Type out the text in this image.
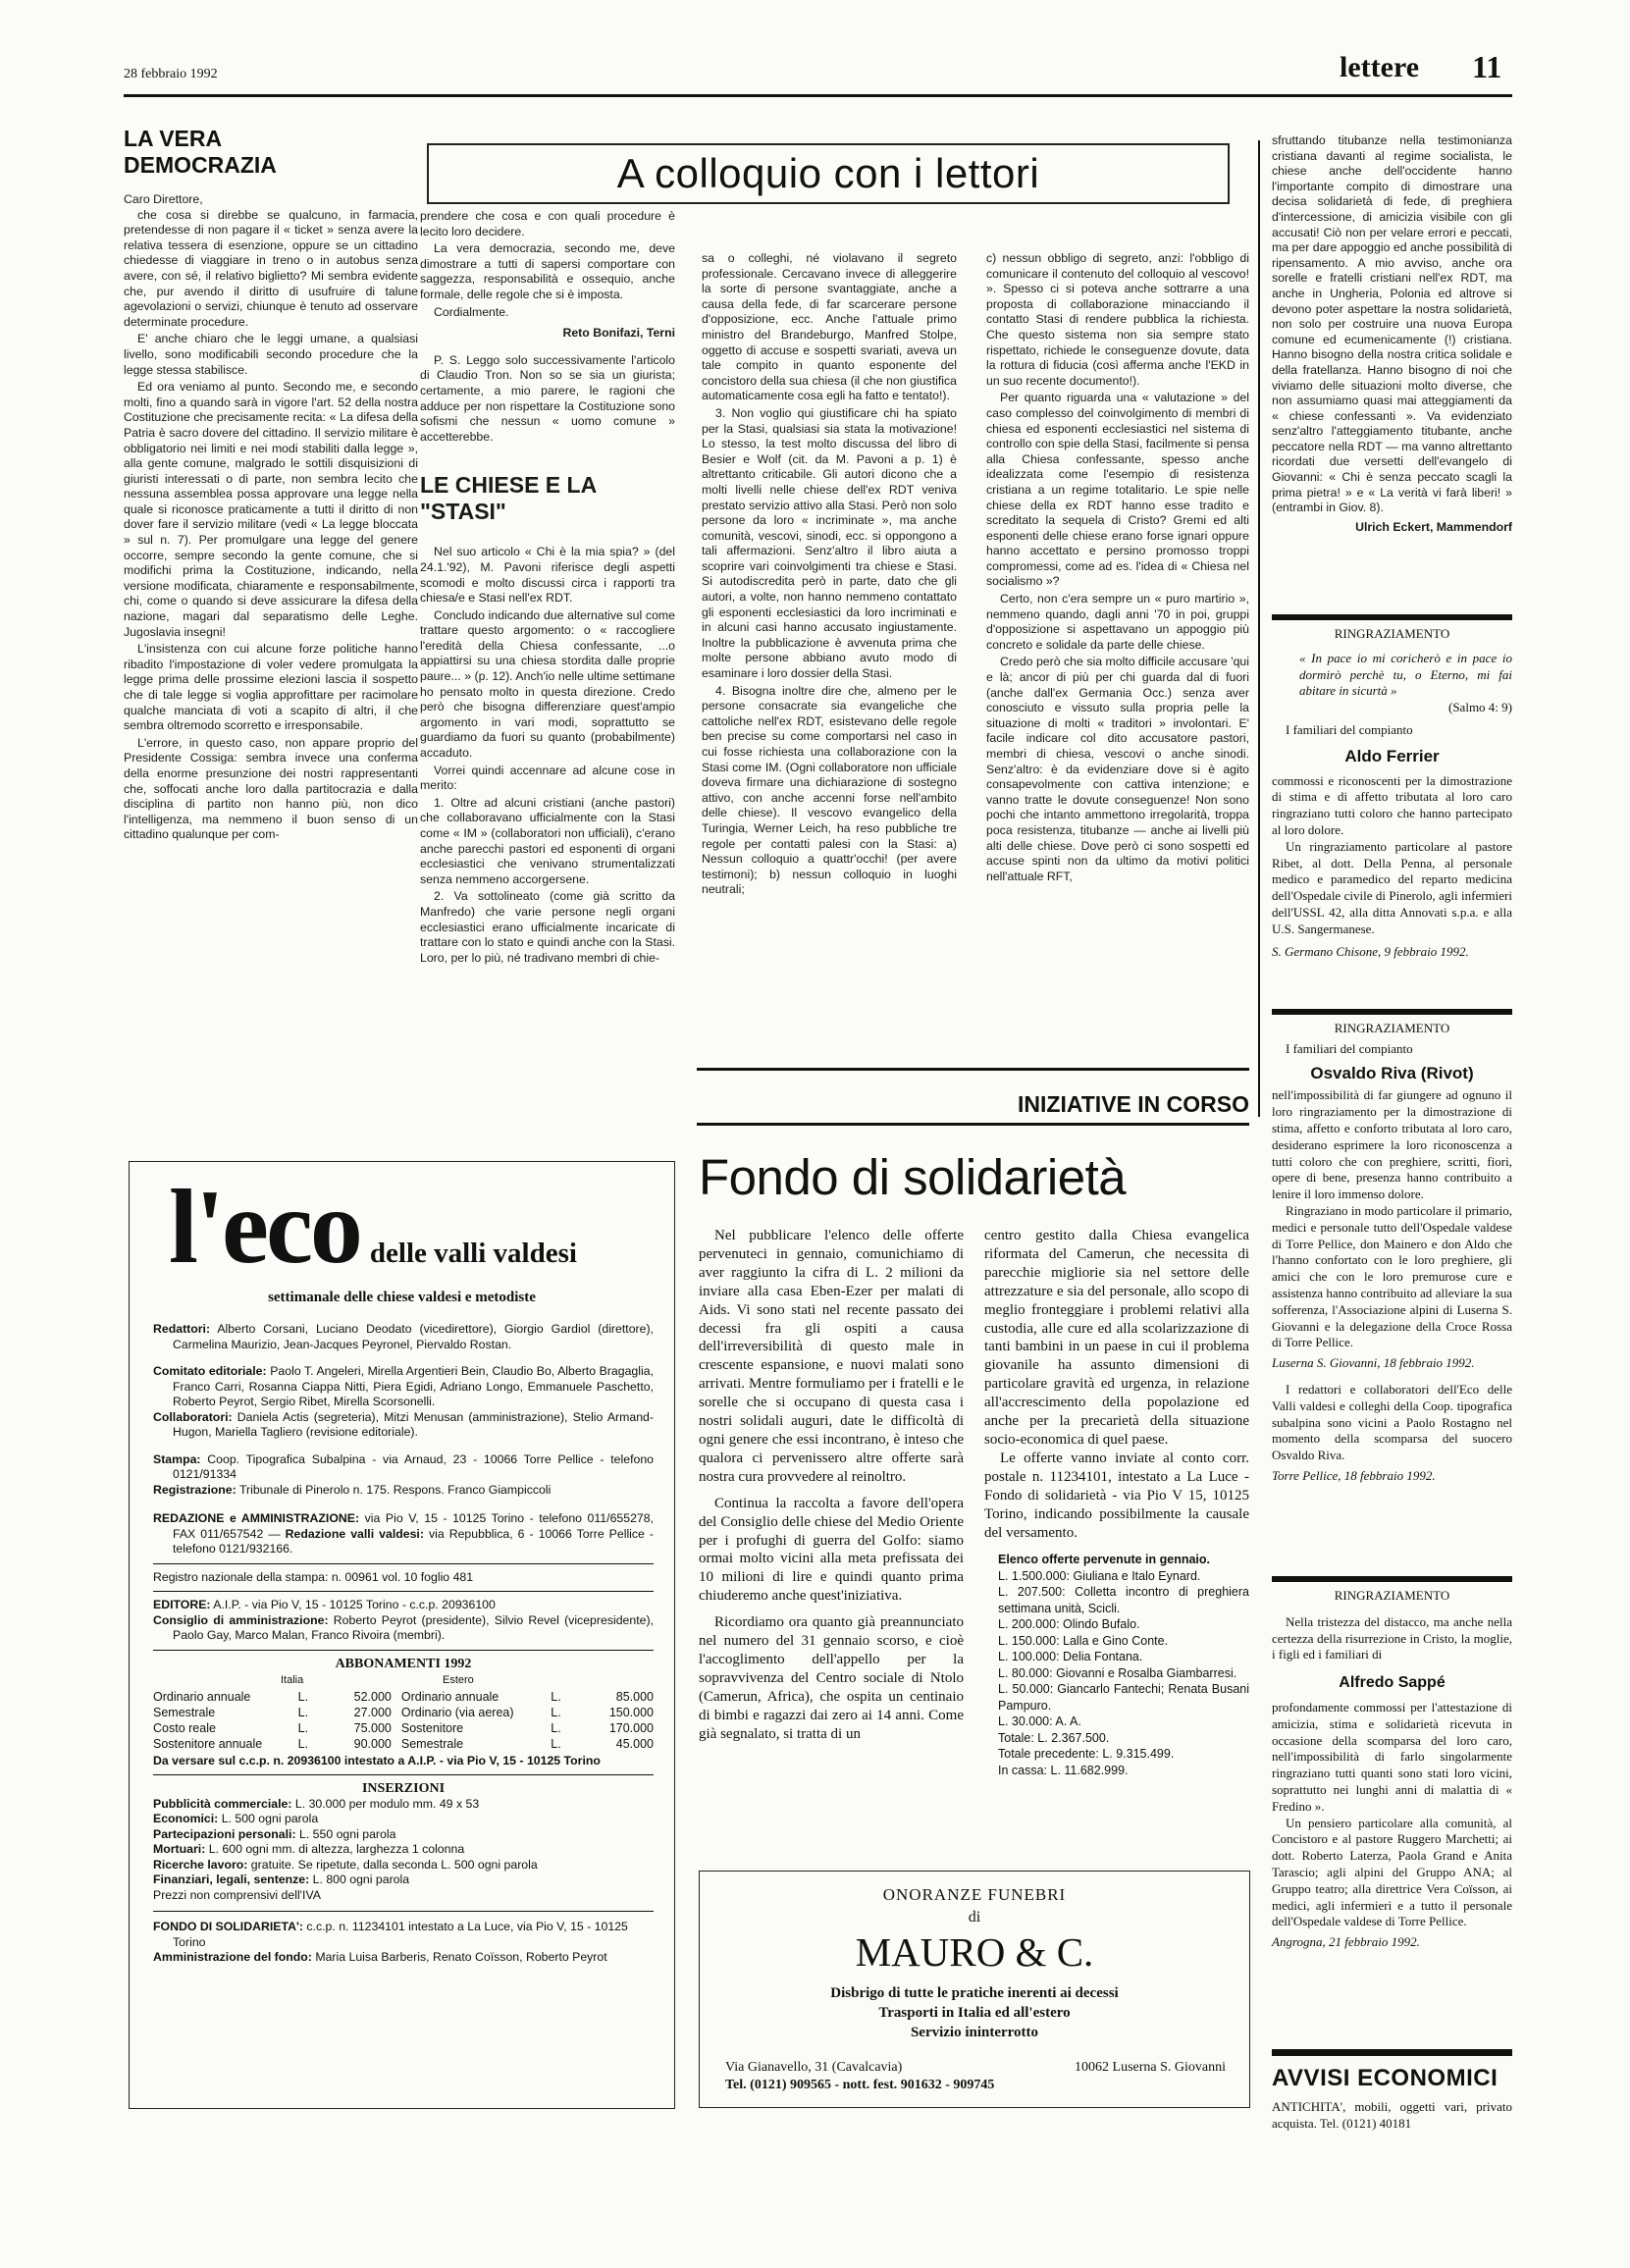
28 febbraio 1992	lettere 11
LA VERA DEMOCRAZIA
Caro Direttore,

che cosa si direbbe se qualcuno, in farmacia, pretendesse di non pagare il « ticket » senza avere la relativa tessera di esenzione, oppure se un cittadino chiedesse di viaggiare in treno o in autobus senza avere, con sé, il relativo biglietto? Mi sembra evidente che, pur avendo il diritto di usufruire di talune agevolazioni o servizi, chiunque è tenuto ad osservare determinate procedure.

E' anche chiaro che le leggi umane, a qualsiasi livello, sono modificabili secondo procedure che la legge stessa stabilisce.

Ed ora veniamo al punto. Secondo me, e secondo molti, fino a quando sarà in vigore l'art. 52 della nostra Costituzione che precisamente recita: « La difesa della Patria è sacro dovere del cittadino. Il servizio militare è obbligatorio nei limiti e nei modi stabiliti dalla legge », alla gente comune, malgrado le sottili disquisizioni di giuristi interessati o di parte, non sembra lecito che nessuna assemblea possa approvare una legge nella quale si riconosce praticamente a tutti il diritto di non dover fare il servizio militare (vedi « La legge bloccata » sul n. 7). Per promulgare una legge del genere occorre, sempre secondo la gente comune, che si modifichi prima la Costituzione, indicando, nella versione modificata, chiaramente e responsabilmente, chi, come o quando si deve assicurare la difesa della nazione, magari dal separatismo delle Leghe. Jugoslavia insegni!

L'insistenza con cui alcune forze politiche hanno ribadito l'impostazione di voler vedere promulgata la legge prima delle prossime elezioni lascia il sospetto che di tale legge si voglia approfittare per racimolare qualche manciata di voti a scapito di altri, il che sembra oltremodo scorretto e irresponsabile.

L'errore, in questo caso, non appare proprio del Presidente Cossiga: sembra invece una conferma della enorme presunzione dei nostri rappresentanti che, soffocati anche loro dalla partitocrazia e dalla disciplina di partito non hanno più, non dico l'intelligenza, ma nemmeno il buon senso di un cittadino qualunque per com-

A colloquio con i lettori

prendere che cosa e con quali procedure è lecito loro decidere.

La vera democrazia, secondo me, deve dimostrare a tutti di sapersi comportare con saggezza, responsabilità e ossequio, anche formale, delle regole che si è imposta.

Cordialmente.

Reto Bonifazi, Terni

P. S. Leggo solo successivamente l'articolo di Claudio Tron. Non so se sia un giurista; certamente, a mio parere, le ragioni che adduce per non rispettare la Costituzione sono sofismi che nessun « uomo comune » accetterebbe.

LE CHIESE E LA "STASI"

Nel suo articolo « Chi è la mia spia? » (del 24.1.'92), M. Pavoni riferisce degli aspetti scomodi e molto discussi circa i rapporti tra chiesa/e e Stasi nell'ex RDT.

Concludo indicando due alternative sul come trattare questo argomento: o « raccogliere l'eredità della Chiesa confessante, ...o appiattirsi su una chiesa stordita dalle proprie paure... » (p. 12). Anch'io nelle ultime settimane ho pensato molto in questa direzione. Credo però che bisogna differenziare quest'ampio argomento in vari modi, soprattutto se guardiamo da fuori su quanto (probabilmente) accaduto.

Vorrei quindi accennare ad alcune cose in merito:

1. Oltre ad alcuni cristiani (anche pastori) che collaboravano ufficialmente con la Stasi come « IM » (collaboratori non ufficiali), c'erano anche parecchi pastori ed esponenti di organi ecclesiastici che venivano strumentalizzati senza nemmeno accorgersene.

2. Va sottolineato (come già scritto da Manfredo) che varie persone negli organi ecclesiastici erano ufficialmente incaricate di trattare con lo stato e quindi anche con la Stasi. Loro, per lo più, né tradivano membri di chie-

sa o colleghi, né violavano il segreto professionale. Cercavano invece di alleggerire la sorte di persone svantaggiate, anche a causa della fede, di far scarcerare persone d'opposizione, ecc. Anche l'attuale primo ministro del Brandeburgo, Manfred Stolpe, oggetto di accuse e sospetti svariati, aveva un tale compito in quanto esponente del concistoro della sua chiesa (il che non giustifica automaticamente cosa egli ha fatto e tentato!).

3. Non voglio qui giustificare chi ha spiato per la Stasi, qualsiasi sia stata la motivazione! Lo stesso, la test molto discussa del libro di Besier e Wolf (cit. da M. Pavoni a p. 1) è altrettanto criticabile. Gli autori dicono che a molti livelli nelle chiese dell'ex RDT veniva prestato servizio attivo alla Stasi. Però non solo persone da loro « incriminate », ma anche comunità, vescovi, sinodi, ecc. si oppongono a tali affermazioni. Senz'altro il libro aiuta a scoprire vari coinvolgimenti tra chiese e Stasi. Si autodiscredita però in parte, dato che gli autori, a volte, non hanno nemmeno contattato gli esponenti ecclesiastici da loro incriminati e in alcuni casi hanno accusato ingiustamente. Inoltre la pubblicazione è avvenuta prima che molte persone abbiano avuto modo di esaminare i loro dossier della Stasi.

4. Bisogna inoltre dire che, almeno per le persone consacrate sia evangeliche che cattoliche nell'ex RDT, esistevano delle regole ben precise su come comportarsi nel caso in cui fosse richiesta una collaborazione con la Stasi come IM. (Ogni collaboratore non ufficiale doveva firmare una dichiarazione di sostegno attivo, con anche accenni forse nell'ambito delle chiese). Il vescovo evangelico della Turingia, Werner Leich, ha reso pubbliche tre regole per contatti palesi con la Stasi: a) Nessun colloquio a quattr'occhi! (per avere testimoni); b) nessun colloquio in luoghi neutrali;

c) nessun obbligo di segreto, anzi: l'obbligo di comunicare il contenuto del colloquio al vescovo! ». Spesso ci si poteva anche sottrarre a una proposta di collaborazione minacciando il contatto Stasi di rendere pubblica la richiesta. Che questo sistema non sia sempre stato rispettato, richiede le conseguenze dovute, data la rottura di fiducia (così afferma anche l'EKD in un suo recente documento!).

Per quanto riguarda una « valutazione » del caso complesso del coinvolgimento di membri di chiesa ed esponenti ecclesiastici nel sistema di controllo con spie della Stasi, facilmente si pensa alla Chiesa confessante, spesso anche idealizzata come l'esempio di resistenza cristiana a un regime totalitario. Le spie nelle chiese della ex RDT hanno esse tradito e screditato la sequela di Cristo? Gremi ed alti esponenti delle chiese erano forse ignari oppure hanno accettato e persino promosso troppi compromessi, come ad es. l'idea di « Chiesa nel socialismo »?

Certo, non c'era sempre un « puro martirio », nemmeno quando, dagli anni '70 in poi, gruppi d'opposizione si aspettavano un appoggio più concreto e solidale da parte delle chiese.

Credo però che sia molto difficile accusare 'qui e là; ancor di più per chi guarda dal di fuori (anche dall'ex Germania Occ.) senza aver conosciuto e vissuto sulla propria pelle la situazione di molti « traditori » involontari. E' facile indicare col dito accusatore pastori, membri di chiesa, vescovi o anche sinodi. Senz'altro: è da evidenziare dove si è agito consapevolmente con cattiva intenzione; e vanno tratte le dovute conseguenze! Non sono pochi che intanto ammettono irregolarità, troppa poca resistenza, titubanze — anche ai livelli più alti delle chiese. Dove però ci sono sospetti ed accuse spinti non da ultimo da motivi politici nell'attuale RFT,

sfruttando titubanze nella testimonianza cristiana davanti al regime socialista, le chiese anche dell'occidente hanno l'importante compito di dimostrare una decisa solidarietà di fede, di preghiera d'intercessione, di amicizia visibile con gli accusati! Ciò non per velare errori e peccati, ma per dare appoggio ed anche possibilità di ripensamento. A mio avviso, anche ora sorelle e fratelli cristiani nell'ex RDT, ma anche in Ungheria, Polonia ed altrove si devono poter aspettare la nostra solidarietà, non solo per costruire una nuova Europa comune ed ecumenicamente (!) cristiana. Hanno bisogno della nostra critica solidale e della fratellanza. Hanno bisogno di noi che viviamo delle situazioni molto diverse, che non assumiamo quasi mai atteggiamenti da « chiese confessanti ». Va evidenziato senz'altro l'atteggiamento titubante, anche peccatore nella RDT — ma vanno altrettanto ricordati due versetti dell'evangelo di Giovanni: « Chi è senza peccato scagli la prima pietra! » e « La verità vi farà liberi! » (entrambi in Giov. 8).

Ulrich Eckert, Mammendorf
RINGRAZIAMENTO
« In pace io mi coricherò e in pace io dormirò perchè tu, o Eterno, mi fai abitare in sicurtà »
(Salmo 4: 9)
I familiari del compianto
Aldo Ferrier
commossi e riconoscenti per la dimostrazione di stima e di affetto tributata al loro caro ringraziano tutti coloro che hanno partecipato al loro dolore.
Un ringraziamento particolare al pastore Ribet, al dott. Della Penna, al personale medico e paramedico del reparto medicina dell'Ospedale civile di Pinerolo, agli infermieri dell'USSL 42, alla ditta Annovati s.p.a. e alla U.S. Sangermanese.
S. Germano Chisone, 9 febbraio 1992.
RINGRAZIAMENTO
I familiari del compianto
Osvaldo Riva (Rivot)
nell'impossibilità di far giungere ad ognuno il loro ringraziamento per la dimostrazione di stima, affetto e conforto tributata al loro caro, desiderano esprimere la loro riconoscenza a tutti coloro che con preghiere, scritti, fiori, opere di bene, presenza hanno contribuito a lenire il loro immenso dolore.
Ringraziano in modo particolare il primario, medici e personale tutto dell'Ospedale valdese di Torre Pellice, don Mainero e don Aldo che l'hanno confortato con le loro preghiere, gli amici che con le loro premurose cure e assistenza hanno contribuito ad alleviare la sua sofferenza, l'Associazione alpini di Luserna S. Giovanni e la delegazione della Croce Rossa di Torre Pellice.
Luserna S. Giovanni, 18 febbraio 1992.
I redattori e collaboratori dell'Eco delle Valli valdesi e colleghi della Coop. tipografica subalpina sono vicini a Paolo Rostagno nel momento della scomparsa del suocero Osvaldo Riva.
Torre Pellice, 18 febbraio 1992.
RINGRAZIAMENTO
Nella tristezza del distacco, ma anche nella certezza della risurrezione in Cristo, la moglie, i figli ed i familiari di
Alfredo Sappé
profondamente commossi per l'attestazione di amicizia, stima e solidarietà ricevuta in occasione della scomparsa del loro caro, nell'impossibilità di farlo singolarmente ringraziano tutti quanti sono stati loro vicini, soprattutto nei lunghi anni di malattia di « Fredino ».
Un pensiero particolare alla comunità, al Concistoro e al pastore Ruggero Marchetti; ai dott. Roberto Laterza, Paola Grand e Anita Tarascio; agli alpini del Gruppo ANA; al Gruppo teatro; alla direttrice Vera Coïsson, ai medici, agli infermieri e a tutto il personale dell'Ospedale valdese di Torre Pellice.
Angrogna, 21 febbraio 1992.
AVVISI ECONOMICI
ANTICHITA', mobili, oggetti vari, privato acquista. Tel. (0121) 40181
INIZIATIVE IN CORSO
Fondo di solidarietà

Nel pubblicare l'elenco delle offerte pervenuteci in gennaio, comunichiamo di aver raggiunto la cifra di L. 2 milioni da inviare alla casa Eben-Ezer per malati di Aids. Vi sono stati nel recente passato dei decessi fra gli ospiti a causa dell'irreversibilità di questo male in crescente espansione, e nuovi malati sono arrivati. Mentre formuliamo per i fratelli e le sorelle che si occupano di questa casa i nostri solidali auguri, date le difficoltà di ogni genere che essi incontrano, è inteso che qualora ci pervenissero altre offerte sarà nostra cura provvedere al reinoltro.

Continua la raccolta a favore dell'opera del Consiglio delle chiese del Medio Oriente per i profughi di guerra del Golfo: siamo ormai molto vicini alla meta prefissata dei 10 milioni di lire e quindi quanto prima chiuderemo anche quest'iniziativa.

Ricordiamo ora quanto già preannunciato nel numero del 31 gennaio scorso, e cioè l'accoglimento dell'appello per la sopravvivenza del Centro sociale di Ntolo (Camerun, Africa), che ospita un centinaio di bimbi e ragazzi dai zero ai 14 anni. Come già segnalato, si tratta di un

centro gestito dalla Chiesa evangelica riformata del Camerun, che necessita di parecchie migliorie sia nel settore delle attrezzature e sia del personale, allo scopo di meglio fronteggiare i problemi relativi alla custodia, alle cure ed alla scolarizzazione di tanti bambini in un paese in cui il problema giovanile ha assunto dimensioni di particolare gravità ed urgenza, in relazione all'accrescimento della popolazione ed anche per la precarietà della situazione socio-economica di quel paese.

Le offerte vanno inviate al conto corr. postale n. 11234101, intestato a La Luce - Fondo di solidarietà - via Pio V 15, 10125 Torino, indicando possibilmente la causale del versamento.

Elenco offerte pervenute in gennaio.
L. 1.500.000: Giuliana e Italo Eynard.
L. 207.500: Colletta incontro di preghiera settimana unità, Scicli.
L. 200.000: Olindo Bufalo.
L. 150.000: Lalla e Gino Conte.
L. 100.000: Delia Fontana.
L. 80.000: Giovanni e Rosalba Giambarresi.
L. 50.000: Giancarlo Fantechi; Renata Busani Pampuro.
L. 30.000: A. A.
Totale: L. 2.367.500.
Totale precedente: L. 9.315.499.
In cassa: L. 11.682.999.
ONORANZE FUNEBRI
di
MAURO & C.
Disbrigo di tutte le pratiche inerenti ai decessi
Trasporti in Italia ed all'estero
Servizio ininterrotto
Via Gianavello, 31 (Cavalcavia)	10062 Luserna S. Giovanni
Tel. (0121) 909565 - nott. fest. 901632 - 909745
l'eco delle valli valdesi
settimanale delle chiese valdesi e metodiste
Redattori: Alberto Corsani, Luciano Deodato (vicedirettore), Giorgio Gardiol (direttore), Carmelina Maurizio, Jean-Jacques Peyronel, Piervaldo Rostan.
Comitato editoriale: Paolo T. Angeleri, Mirella Argentieri Bein, Claudio Bo, Alberto Bragaglia, Franco Carri, Rosanna Ciappa Nitti, Piera Egidi, Adriano Longo, Emmanuele Paschetto, Roberto Peyrot, Sergio Ribet, Mirella Scorsonelli.
Collaboratori: Daniela Actis (segreteria), Mitzi Menusan (amministrazione), Stelio Armand-Hugon, Mariella Tagliero (revisione editoriale).
Stampa: Coop. Tipografica Subalpina - via Arnaud, 23 - 10066 Torre Pellice - telefono 0121/91334
Registrazione: Tribunale di Pinerolo n. 175. Respons. Franco Giampiccoli
REDAZIONE e AMMINISTRAZIONE: via Pio V, 15 - 10125 Torino - telefono 011/655278, FAX 011/657542 — Redazione valli valdesi: via Repubblica, 6 - 10066 Torre Pellice - telefono 0121/932166.
Registro nazionale della stampa: n. 00961 vol. 10 foglio 481
EDITORE: A.I.P. - via Pio V, 15 - 10125 Torino - c.c.p. 20936100
Consiglio di amministrazione: Roberto Peyrot (presidente), Silvio Revel (vicepresidente), Paolo Gay, Marco Malan, Franco Rivoira (membri).
ABBONAMENTI 1992
Italia	Estero
Ordinario annuale	L.	52.000 Ordinario annuale	L.	85.000
Semestrale	L.	27.000 Ordinario (via aerea)	L.	150.000
Costo reale	L.	75.000 Sostenitore	L.	170.000
Sostenitore annuale	L.	90.000 Semestrale	L.	45.000
Da versare sul c.c.p. n. 20936100 intestato a A.I.P. - via Pio V, 15 - 10125 Torino
INSERZIONI
Pubblicità commerciale: L. 30.000 per modulo mm. 49 x 53
Economici: L. 500 ogni parola
Partecipazioni personali: L. 550 ogni parola
Mortuari: L. 600 ogni mm. di altezza, larghezza 1 colonna
Ricerche lavoro: gratuite. Se ripetute, dalla seconda L. 500 ogni parola
Finanziari, legali, sentenze: L. 800 ogni parola
Prezzi non comprensivi dell'IVA
FONDO DI SOLIDARIETA': c.c.p. n. 11234101 intestato a La Luce, via Pio V, 15 - 10125 Torino
Amministrazione del fondo: Maria Luisa Barberis, Renato Coïsson, Roberto Peyrot
